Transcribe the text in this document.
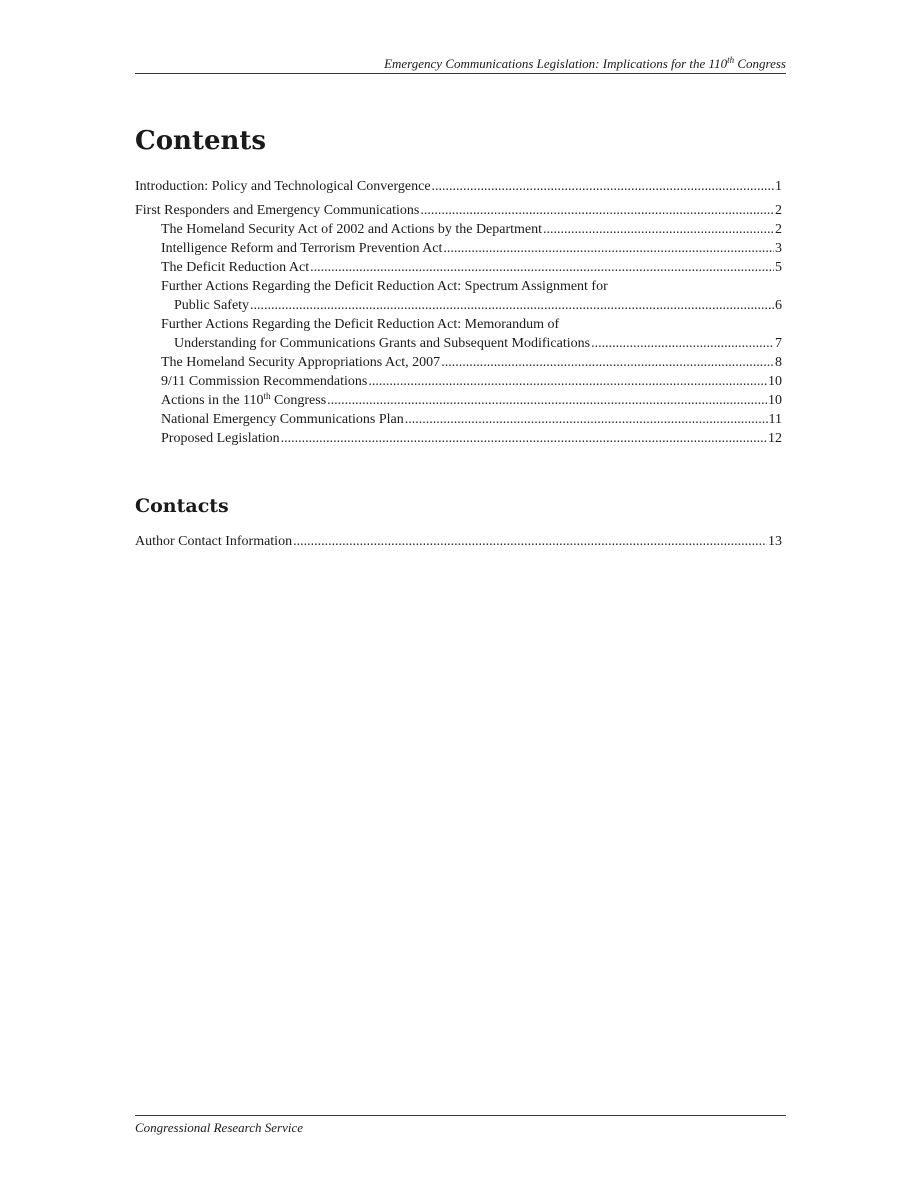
Emergency Communications Legislation: Implications for the 110th Congress
Contents
Introduction: Policy and Technological Convergence .....	1
First Responders and Emergency Communications .....	2
The Homeland Security Act of 2002 and Actions by the Department .....	2
Intelligence Reform and Terrorism Prevention Act .....	3
The Deficit Reduction Act .....	5
Further Actions Regarding the Deficit Reduction Act: Spectrum Assignment for
Public Safety .....	6
Further Actions Regarding the Deficit Reduction Act: Memorandum of
Understanding for Communications Grants and Subsequent Modifications .....	7
The Homeland Security Appropriations Act, 2007 .....	8
9/11 Commission Recommendations .....	10
Actions in the 110th Congress .....	10
National Emergency Communications Plan .....	11
Proposed Legislation .....	12
Contacts
Author Contact Information .....	13
Congressional Research Service
